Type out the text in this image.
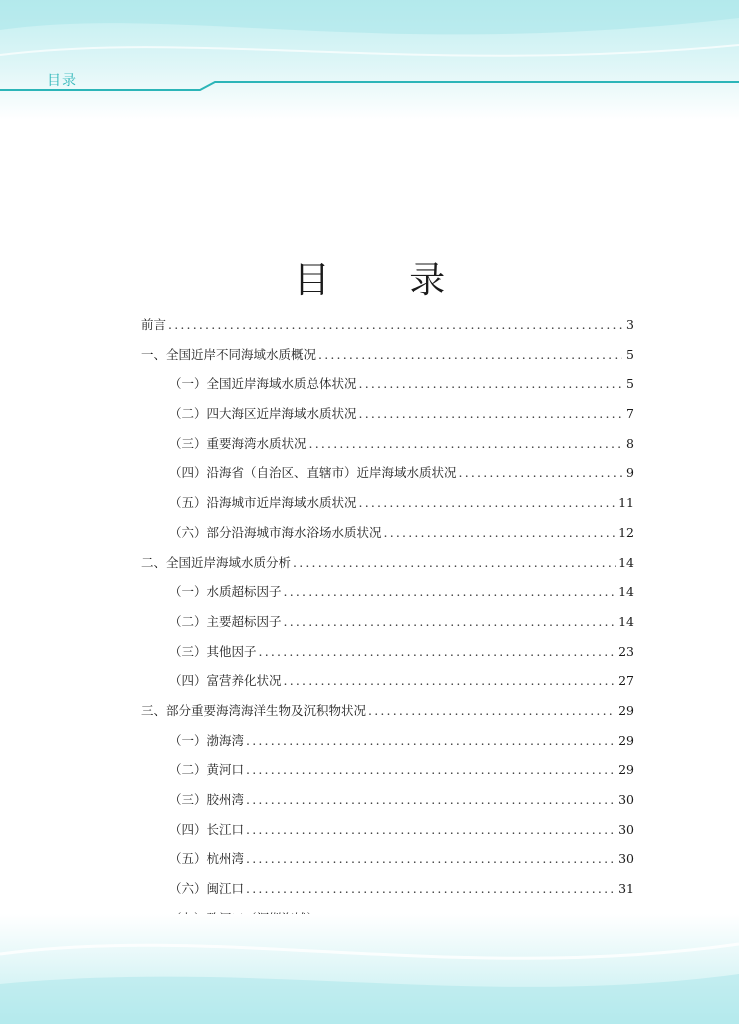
目录
目 录
前言 .....	3
一、全国近岸不同海域水质概况 .....	5
（一）全国近岸海域水质总体状况 .....	5
（二）四大海区近岸海域水质状况 .....	7
（三）重要海湾水质状况 .....	8
（四）沿海省（自治区、直辖市）近岸海域水质状况 .....	9
（五）沿海城市近岸海域水质状况 .....	11
（六）部分沿海城市海水浴场水质状况 .....	12
二、全国近岸海域水质分析 .....	14
（一）水质超标因子 .....	14
（二）主要超标因子 .....	14
（三）其他因子 .....	23
（四）富营养化状况 .....	27
三、部分重要海湾海洋生物及沉积物状况 .....	29
（一）渤海湾 .....	29
（二）黄河口 .....	29
（三）胶州湾 .....	30
（四）长江口 .....	30
（五）杭州湾 .....	30
（六）闽江口 .....	31
.....
